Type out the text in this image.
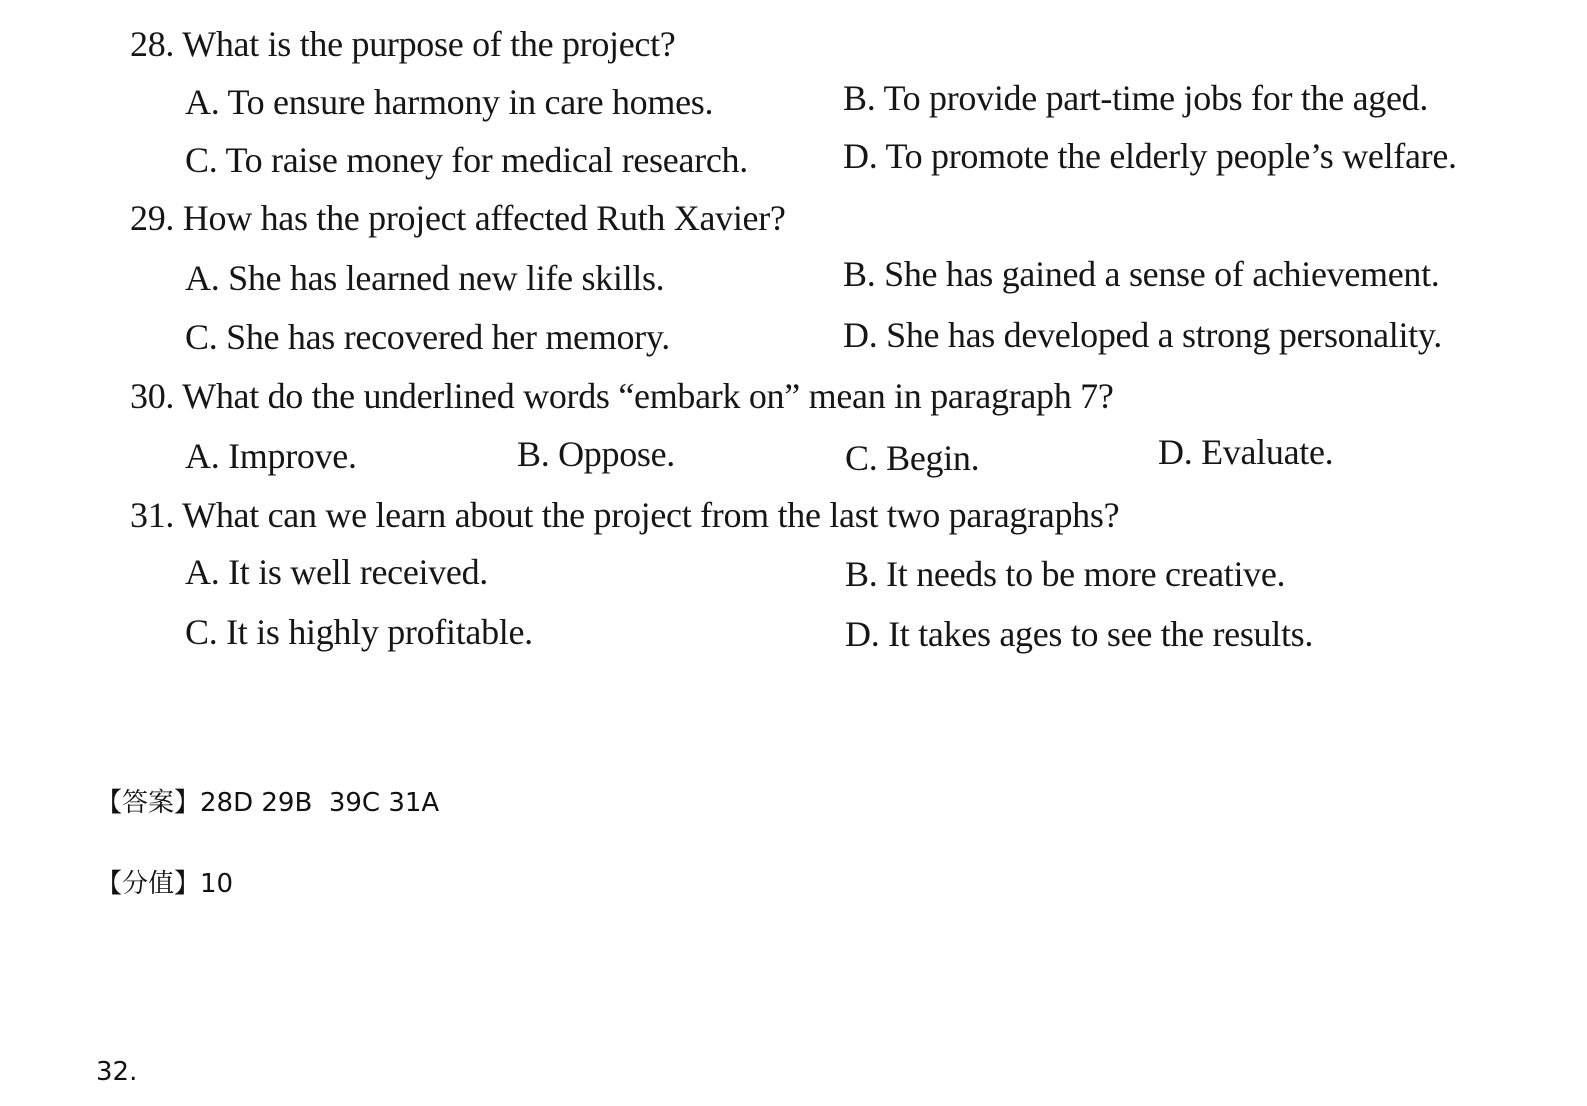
28. What is the purpose of the project?
A. To ensure harmony in care homes.	B. To provide part-time jobs for the aged.
C. To raise money for medical research.	D. To promote the elderly people’s welfare.
29. How has the project affected Ruth Xavier?
A. She has learned new life skills.	B. She has gained a sense of achievement.
C. She has recovered her memory.	D. She has developed a strong personality.
30. What do the underlined words “embark on” mean in paragraph 7?
A. Improve.	B. Oppose.	C. Begin.	D. Evaluate.
31. What can we learn about the project from the last two paragraphs?
A. It is well received.	B. It needs to be more creative.
C. It is highly profitable.	D. It takes ages to see the results.
【答案】28D 29B  39C 31A
【分值】10
32.
